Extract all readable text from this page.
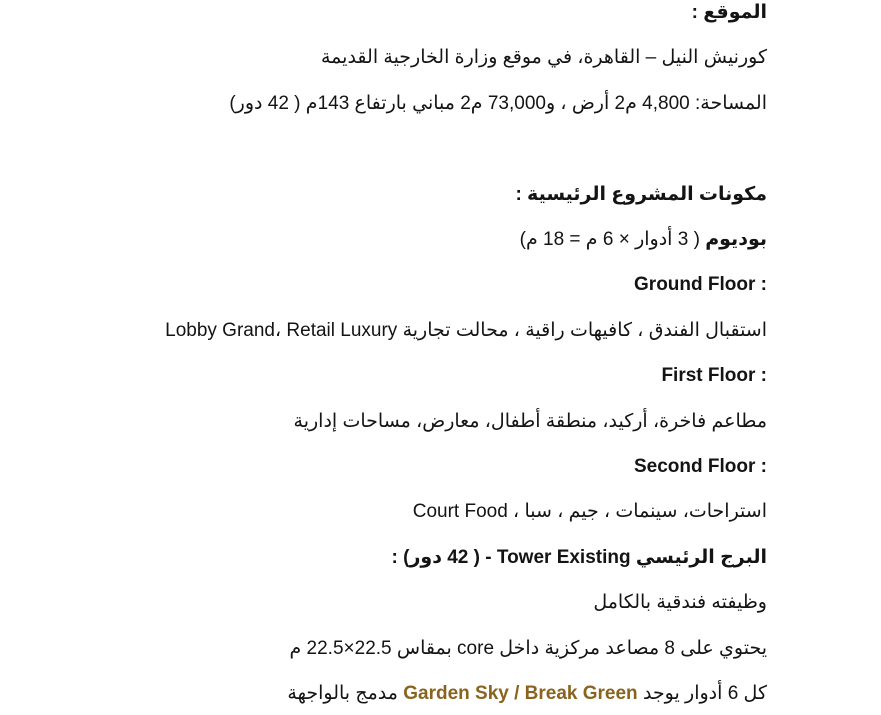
الموقع :

كورنيش النيل – القاهرة، في موقع وزارة الخارجية القديمة

المساحة: 4,800 م2 أرض ، و73,000 م2 مباني بارتفاع 143م ( 42 دور)

مكونات المشروع الرئيسية :

بوديوم ( 3 أدوار × 6 م = 18 م)

Ground Floor :

استقبال الفندق ، كافيهات راقية ، محالت تجارية Lobby Grand، Retail Luxury

First Floor :

مطاعم فاخرة، أركيد، منطقة أطفال، معارض، مساحات إدارية

Second Floor :

استراحات، سينمات ، جيم ، سبا ، Court Food

البرج الرئيسي Tower Existing - ( 42 دور) :

وظيفته فندقية بالكامل

يحتوي على 8 مصاعد مركزية داخل core بمقاس 22.5×22.5 م

كل 6 أدوار يوجد Garden Sky / Break Green مدمج بالواجهة
